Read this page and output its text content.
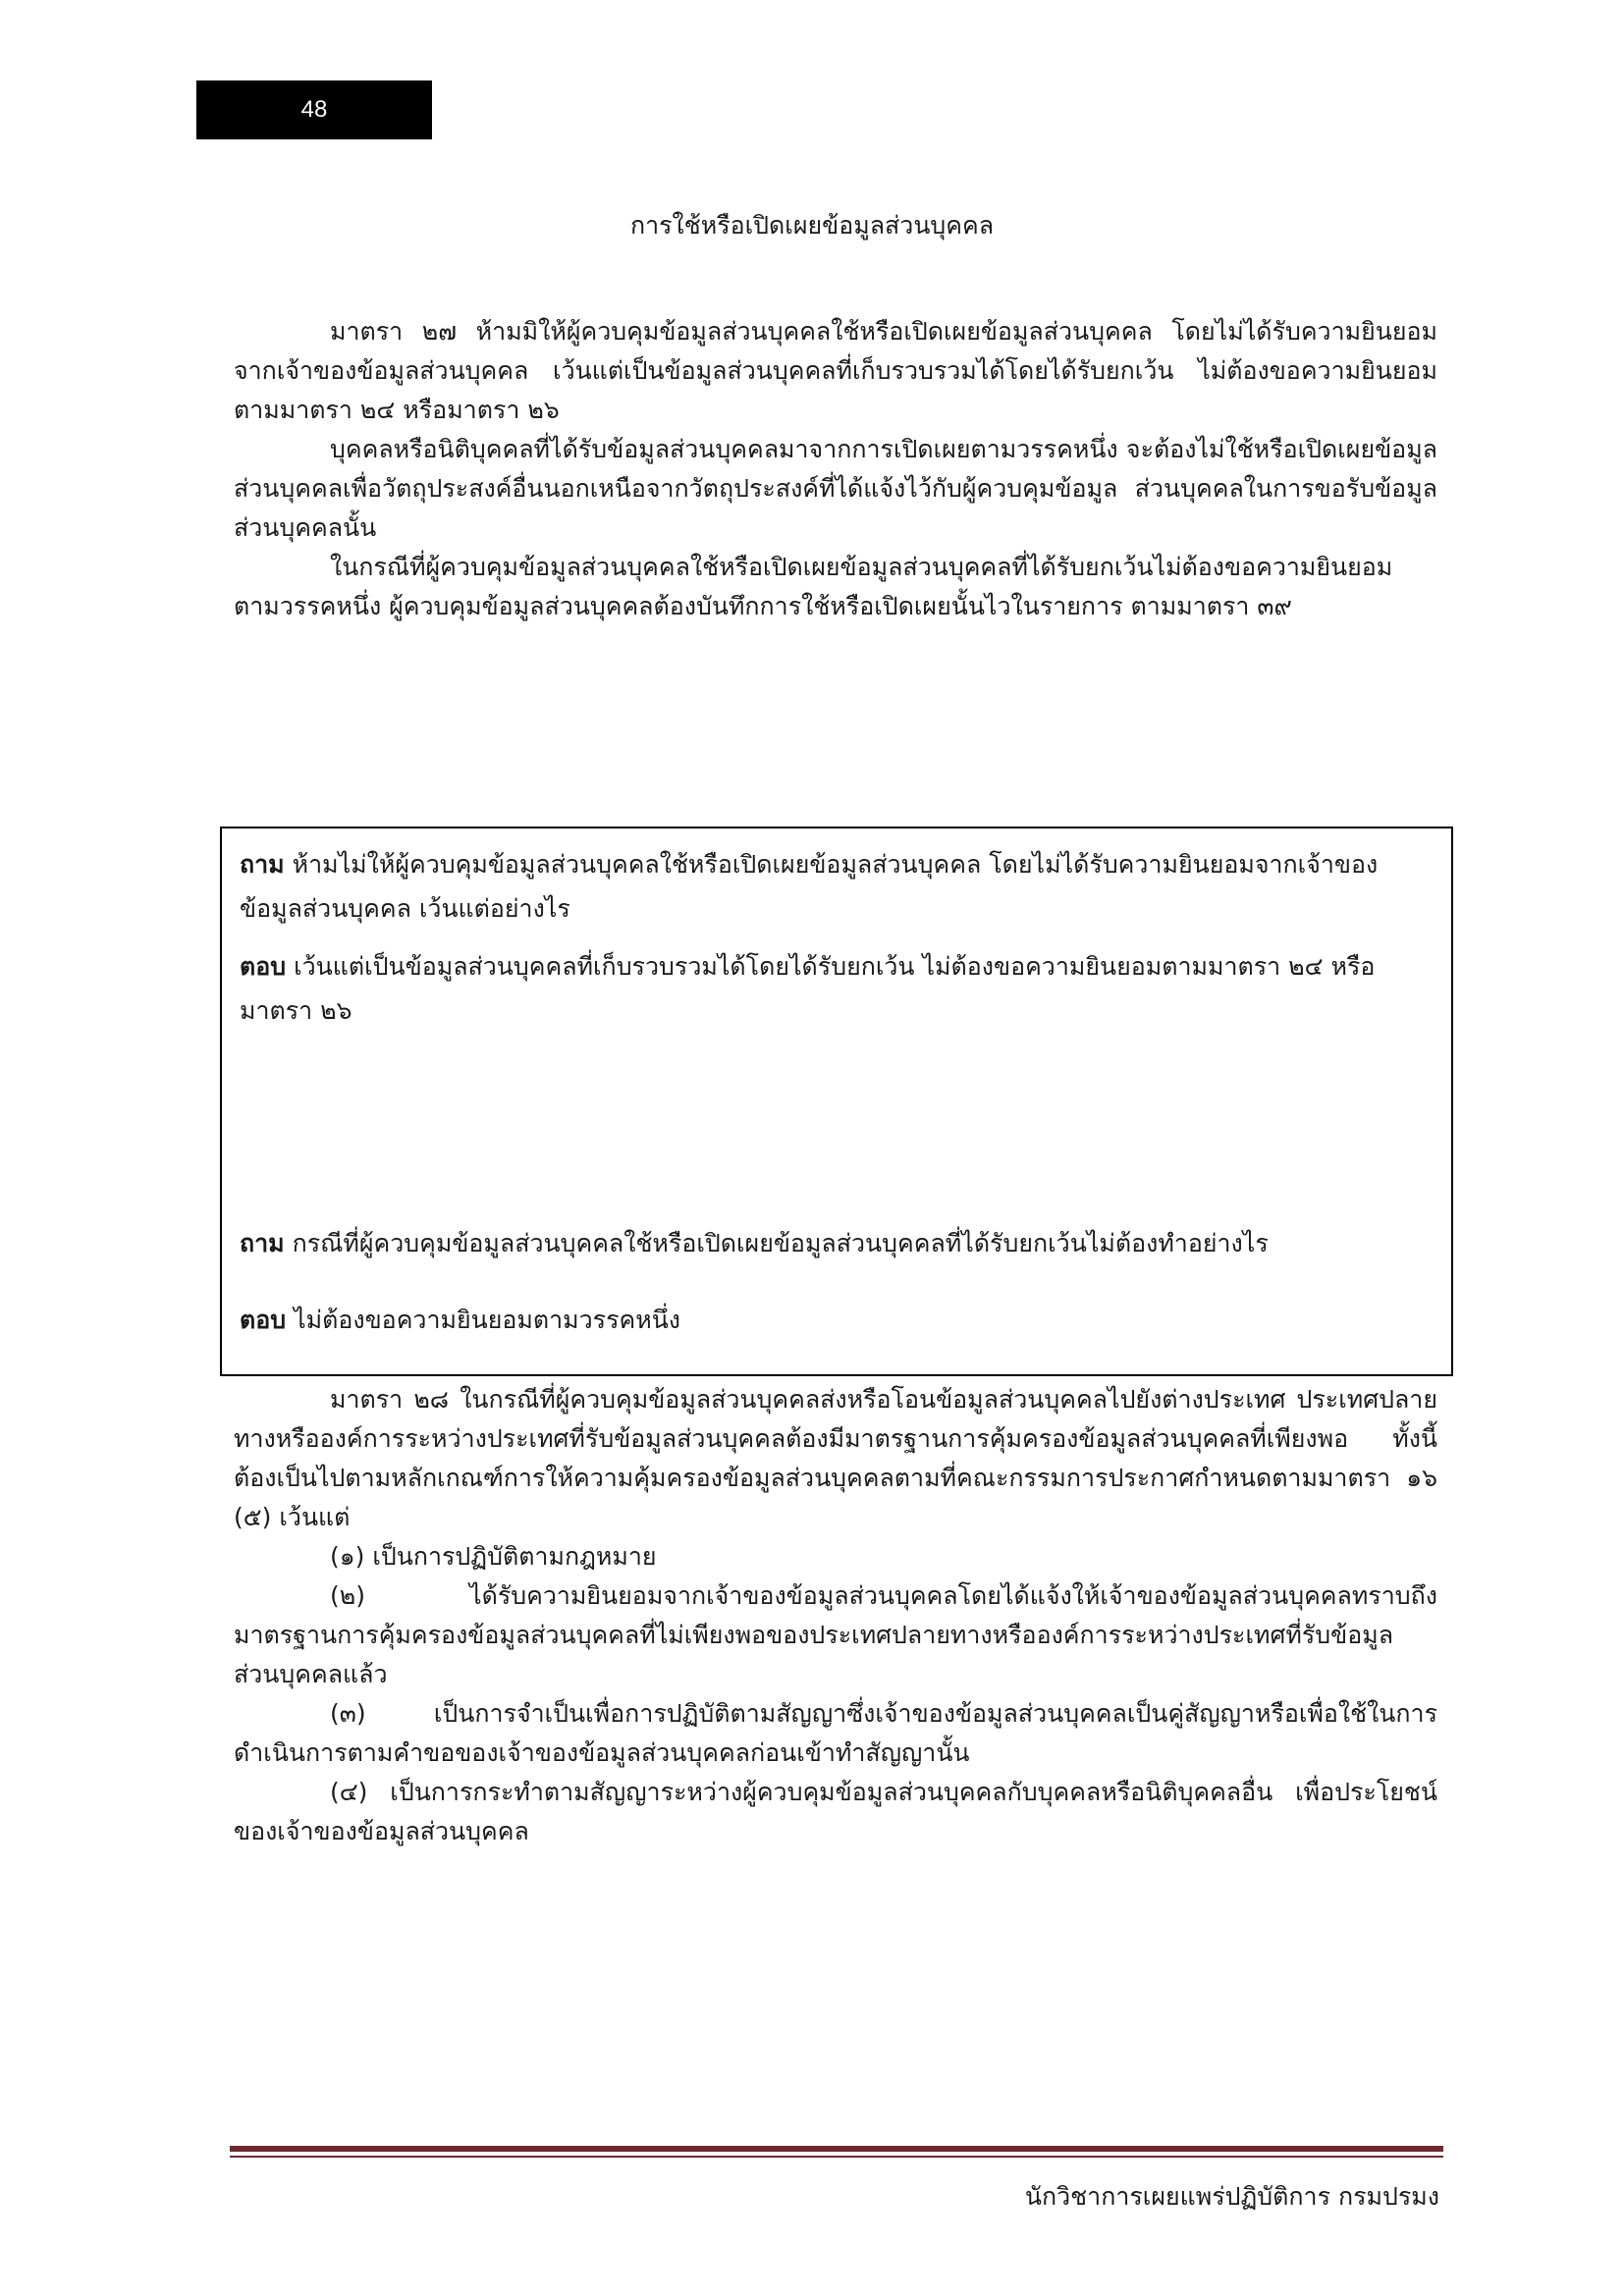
48
การใช้หรือเปิดเผยข้อมูลส่วนบุคคล

มาตรา ๒๗ ห้ามมิให้ผู้ควบคุมข้อมูลส่วนบุคคลใช้หรือเปิดเผยข้อมูลส่วนบุคคล โดยไม่ได้รับความยินยอมจากเจ้าของข้อมูลส่วนบุคคล เว้นแต่เป็นข้อมูลส่วนบุคคลที่เก็บรวบรวมได้โดยได้รับยกเว้น ไม่ต้องขอความยินยอมตามมาตรา ๒๔ หรือมาตรา ๒๖

บุคคลหรือนิติบุคคลที่ได้รับข้อมูลส่วนบุคคลมาจากการเปิดเผยตามวรรคหนึ่ง จะต้องไม่ใช้หรือเปิดเผยข้อมูลส่วนบุคคลเพื่อวัตถุประสงค์อื่นนอกเหนือจากวัตถุประสงค์ที่ได้แจ้งไว้กับผู้ควบคุมข้อมูล ส่วนบุคคลในการขอรับข้อมูลส่วนบุคคลนั้น

ในกรณีที่ผู้ควบคุมข้อมูลส่วนบุคคลใช้หรือเปิดเผยข้อมูลส่วนบุคคลที่ได้รับยกเว้นไม่ต้องขอความยินยอมตามวรรคหนึ่ง ผู้ควบคุมข้อมูลส่วนบุคคลต้องบันทึกการใช้หรือเปิดเผยนั้นไวในรายการ ตามมาตรา ๓๙

ถาม ห้ามไม่ให้ผู้ควบคุมข้อมูลส่วนบุคคลใช้หรือเปิดเผยข้อมูลส่วนบุคคล โดยไม่ได้รับความยินยอมจากเจ้าของข้อมูลส่วนบุคคล เว้นแต่อย่างไร

ตอบ เว้นแต่เป็นข้อมูลส่วนบุคคลที่เก็บรวบรวมได้โดยได้รับยกเว้น ไม่ต้องขอความยินยอมตามมาตรา ๒๔ หรือมาตรา ๒๖

ถาม กรณีที่ผู้ควบคุมข้อมูลส่วนบุคคลใช้หรือเปิดเผยข้อมูลส่วนบุคคลที่ได้รับยกเว้นไม่ต้องทำอย่างไร

ตอบ ไม่ต้องขอความยินยอมตามวรรคหนึ่ง

มาตรา ๒๘ ในกรณีที่ผู้ควบคุมข้อมูลส่วนบุคคลส่งหรือโอนข้อมูลส่วนบุคคลไปยังต่างประเทศ ประเทศปลายทางหรือองค์การระหว่างประเทศที่รับข้อมูลส่วนบุคคลต้องมีมาตรฐานการคุ้มครองข้อมูลส่วนบุคคลที่เพียงพอ ทั้งนี้ ต้องเป็นไปตามหลักเกณฑ์การให้ความคุ้มครองข้อมูลส่วนบุคคลตามที่คณะกรรมการประกาศกำหนดตามมาตรา ๑๖ (๕) เว้นแต่

(๑) เป็นการปฏิบัติตามกฎหมาย

(๒) ได้รับความยินยอมจากเจ้าของข้อมูลส่วนบุคคลโดยได้แจ้งให้เจ้าของข้อมูลส่วนบุคคลทราบถึงมาตรฐานการคุ้มครองข้อมูลส่วนบุคคลที่ไม่เพียงพอของประเทศปลายทางหรือองค์การระหว่างประเทศที่รับข้อมูลส่วนบุคคลแล้ว

(๓) เป็นการจำเป็นเพื่อการปฏิบัติตามสัญญาซึ่งเจ้าของข้อมูลส่วนบุคคลเป็นคู่สัญญาหรือเพื่อใช้ในการดำเนินการตามคำขอของเจ้าของข้อมูลส่วนบุคคลก่อนเข้าทำสัญญานั้น

(๔) เป็นการกระทำตามสัญญาระหว่างผู้ควบคุมข้อมูลส่วนบุคคลกับบุคคลหรือนิติบุคคลอื่น เพื่อประโยชน์ของเจ้าของข้อมูลส่วนบุคคล

นักวิชาการเผยแพร่ปฏิบัติการ กรมปรมง
